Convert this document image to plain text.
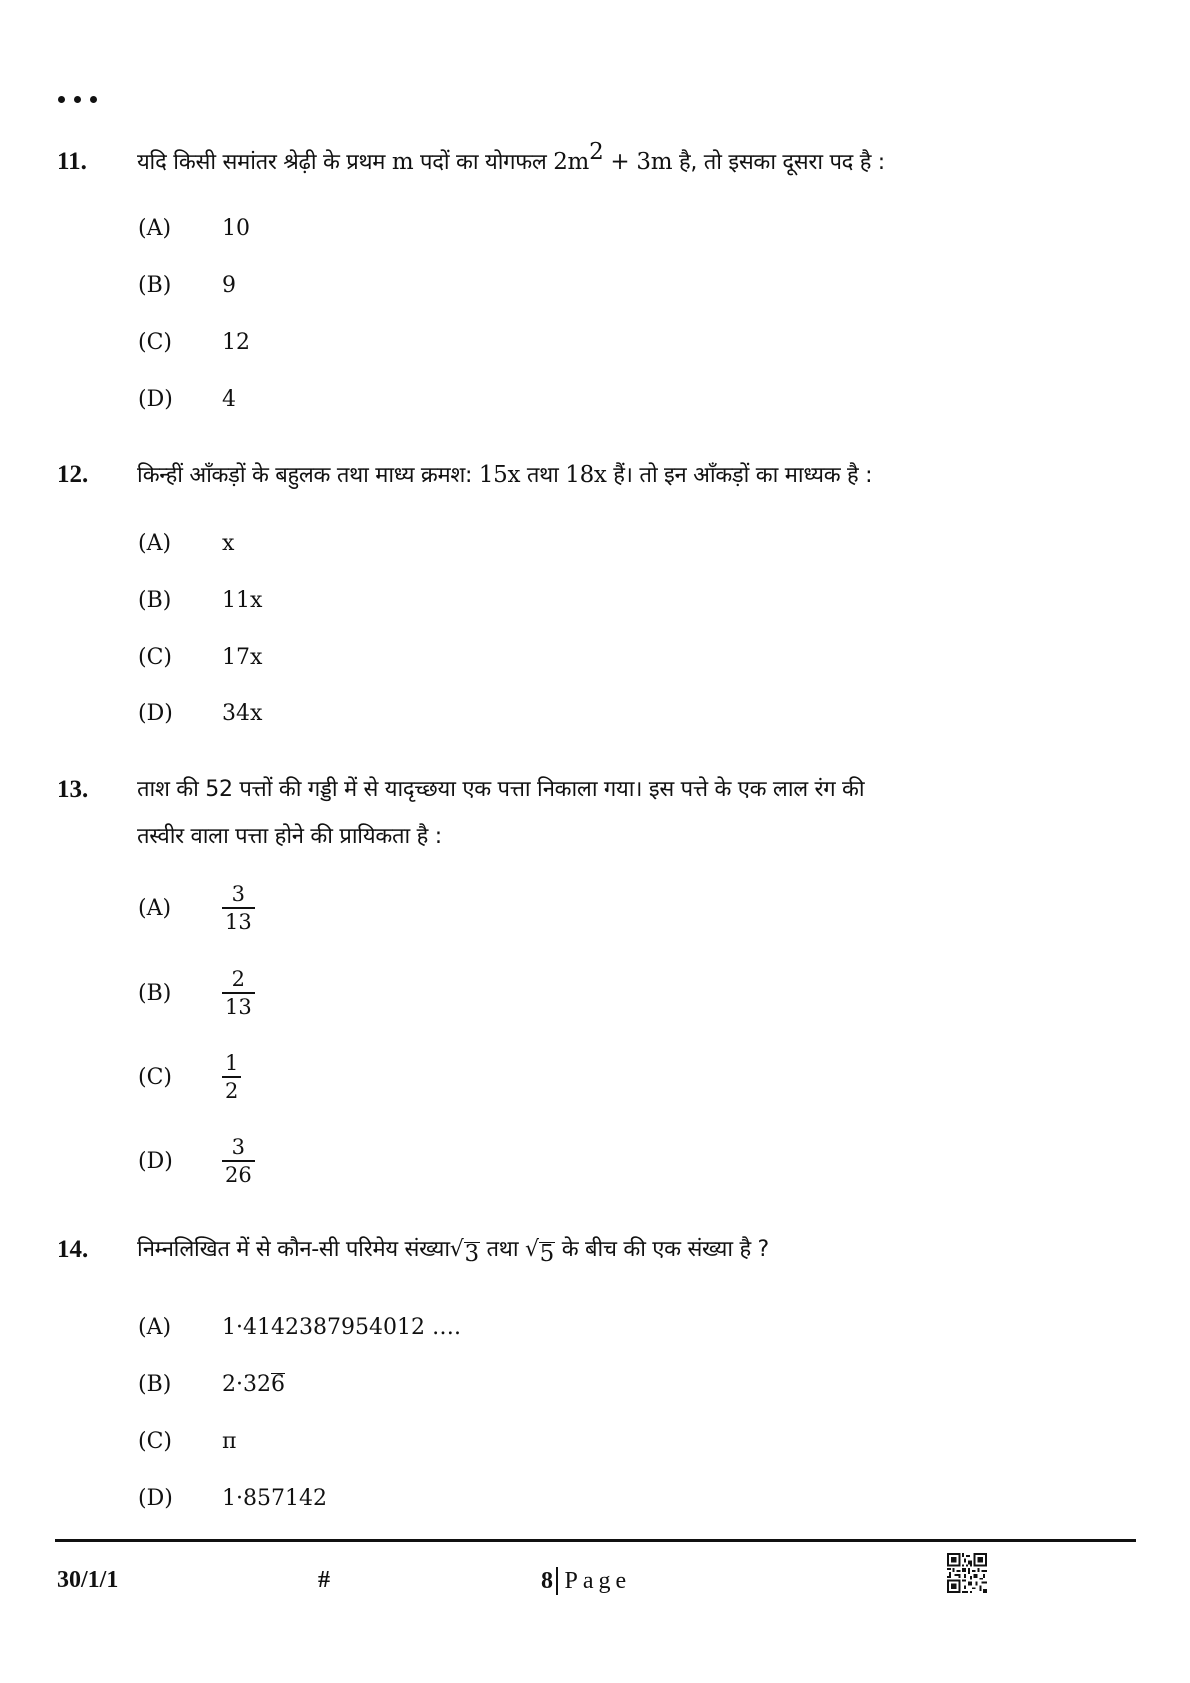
11. यदि किसी समांतर श्रेढ़ी के प्रथम m पदों का योगफल $2m^2 + 3m$ है, तो इसका दूसरा पद है :
(A)	10
(B)	9
(C)	12
(D)	4
12. किन्हीं आँकड़ों के बहुलक तथा माध्य क्रमश: 15x तथा 18x हैं। तो इन आँकड़ों का माध्यक है :
(A)	x
(B)	11x
(C)	17x
(D)	34x
13. ताश की 52 पत्तों की गड्डी में से यादृच्छया एक पत्ता निकाला गया। इस पत्ते के एक लाल रंग की
तस्वीर वाला पत्ता होने की प्रायिकता है :
(A)	$\frac{3}{13}$
(B)	$\frac{2}{13}$
(C)	$\frac{1}{2}$
(D)	$\frac{3}{26}$
14. निम्नलिखित में से कौन-सी परिमेय संख्या √ 3 तथा √ 5 के बीच की एक संख्या है ?
(A)	1·4142387954012 ….
(B)	2·326
(C)	π
(D)	1·857142
30/1/1	#	8 Page
